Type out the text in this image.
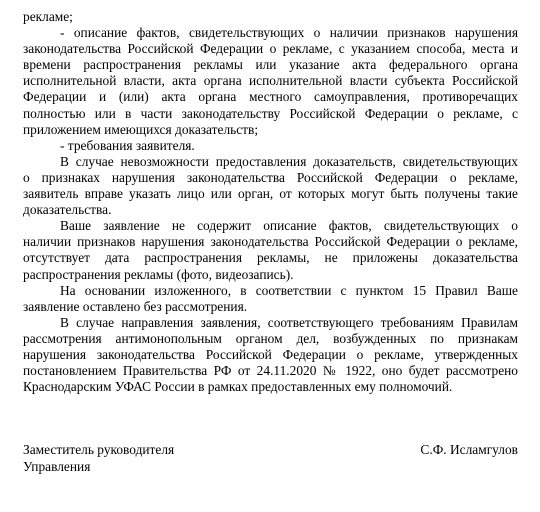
рекламе;
- описание фактов, свидетельствующих о наличии признаков нарушения
законодательства Российской Федерации о рекламе, с указанием способа, места и
времени распространения рекламы или указание акта федерального органа
исполнительной власти, акта органа исполнительной власти субъекта Российской
Федерации и (или) акта органа местного самоуправления, противоречащих
полностью или в части законодательству Российской Федерации о рекламе, с
приложением имеющихся доказательств;
- требования заявителя.
В случае невозможности предоставления доказательств, свидетельствующих
о признаках нарушения законодательства Российской Федерации о рекламе,
заявитель вправе указать лицо или орган, от которых могут быть получены такие
доказательства.
Ваше заявление не содержит описание фактов, свидетельствующих о
наличии признаков нарушения законодательства Российской Федерации о рекламе,
отсутствует дата распространения рекламы, не приложены доказательства
распространения рекламы (фото, видеозапись).
На основании изложенного, в соответствии с пунктом 15 Правил Ваше
заявление оставлено без рассмотрения.
В случае направления заявления, соответствующего требованиям Правилам
рассмотрения антимонопольным органом дел, возбужденных по признакам
нарушения законодательства Российской Федерации о рекламе, утвержденных
постановлением Правительства РФ от 24.11.2020 № 1922, оно будет рассмотрено
Краснодарским УФАС России в рамках предоставленных ему полномочий.
Заместитель руководителя	С.Ф. Исламгулов
Управления
